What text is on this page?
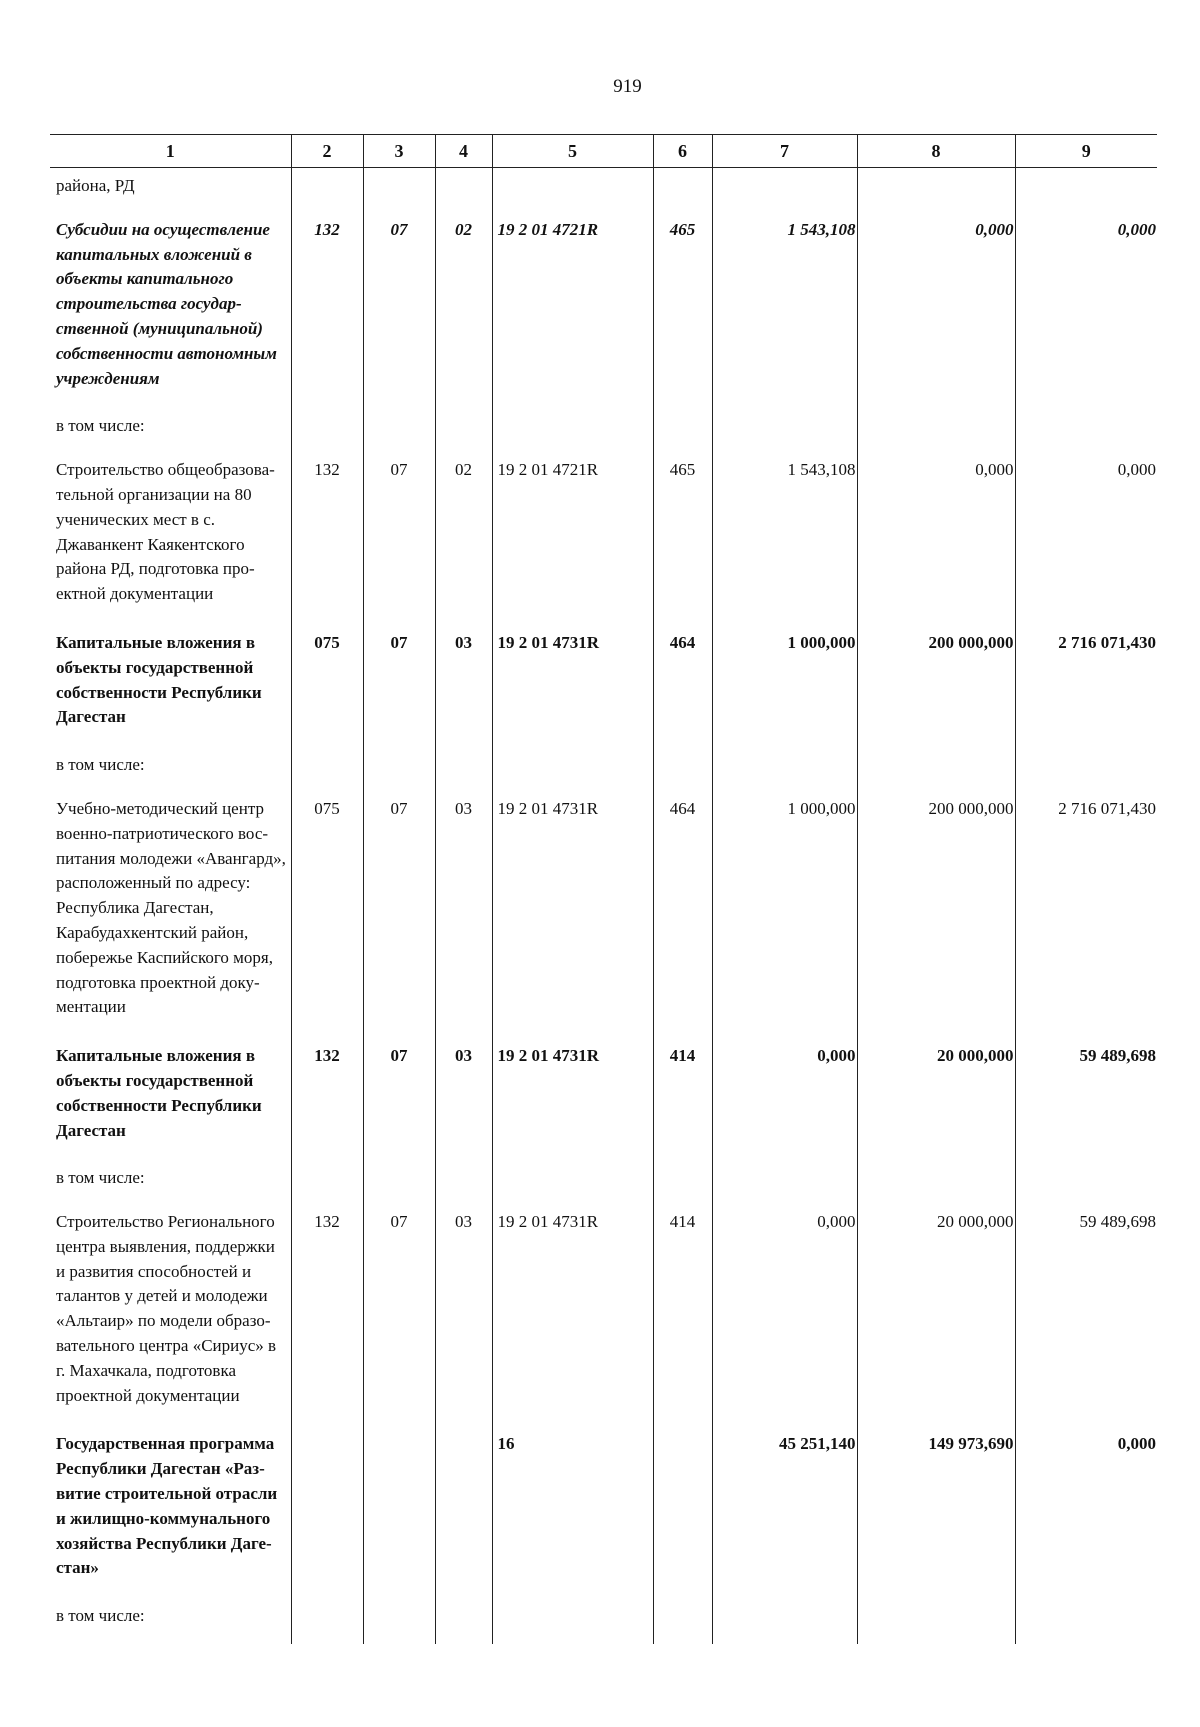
919
1	2	3	4	5	6	7	8	9
района, РД								
Субсидии на осуществление капитальных вложений в объекты капитального строительства государственной (муниципальной) собственности автономным учреждениям	132	07	02	19 2 01 4721R	465	1 543,108	0,000	0,000
в том числе:								
Строительство общеобразовательной организации на 80 ученических мест в с. Джаванкент Каякентского района РД, подготовка проектной документации	132	07	02	19 2 01 4721R	465	1 543,108	0,000	0,000
Капитальные вложения в объекты государственной собственности Республики Дагестан	075	07	03	19 2 01 4731R	464	1 000,000	200 000,000	2 716 071,430
в том числе:								
Учебно-методический центр военно-патриотического воспитания молодежи «Авангард», расположенный по адресу: Республика Дагестан, Карабудахкентский район, побережье Каспийского моря, подготовка проектной документации	075	07	03	19 2 01 4731R	464	1 000,000	200 000,000	2 716 071,430
Капитальные вложения в объекты государственной собственности Республики Дагестан	132	07	03	19 2 01 4731R	414	0,000	20 000,000	59 489,698
в том числе:								
Строительство Регионального центра выявления, поддержки и развития способностей и талантов у детей и молодежи «Альтаир» по модели образовательного центра «Сириус» в г. Махачкала, подготовка проектной документации	132	07	03	19 2 01 4731R	414	0,000	20 000,000	59 489,698
Государственная программа Республики Дагестан «Развитие строительной отрасли и жилищно-коммунального хозяйства Республики Дагестан»				16		45 251,140	149 973,690	0,000
в том числе:								
